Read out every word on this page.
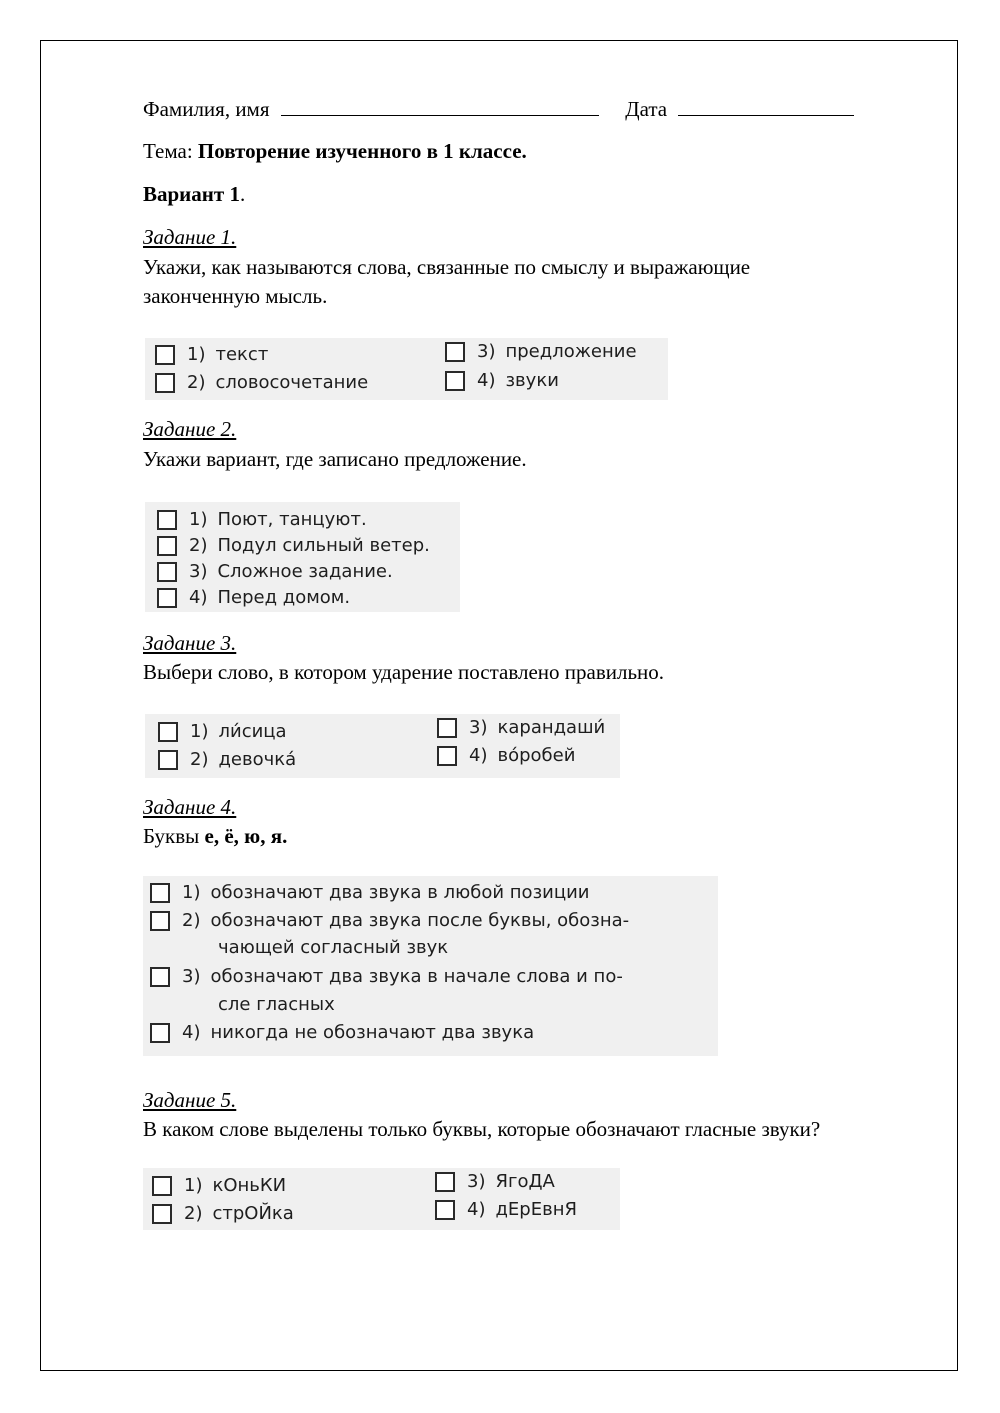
Фамилия, имя	Дата
Тема: Повторение изученного в 1 классе.
Вариант 1.
Задание 1.
Укажи, как называются слова, связанные по смыслу и выражающие
законченную мысль.
1) текст
2) словосочетание
3) предложение
4) звуки
Задание 2.
Укажи вариант, где записано предложение.
1) Поют, танцуют.
2) Подул сильный ветер.
3) Сложное задание.
4) Перед домом.
Задание 3.
Выбери слово, в котором ударение поставлено правильно.
1) ли́сица
2) девочка́
3) карандаши́
4) во́робей
Задание 4.
Буквы е, ё, ю, я.
1) обозначают два звука в любой позиции
2) обозначают два звука после буквы, обозна-
чающей согласный звук
3) обозначают два звука в начале слова и по-
сле гласных
4) никогда не обозначают два звука
Задание 5.
В каком слове выделены только буквы, которые обозначают гласные звуки?
1) кОньКИ
2) стрОЙка
3) ЯгоДА
4) дЕрЕвнЯ
